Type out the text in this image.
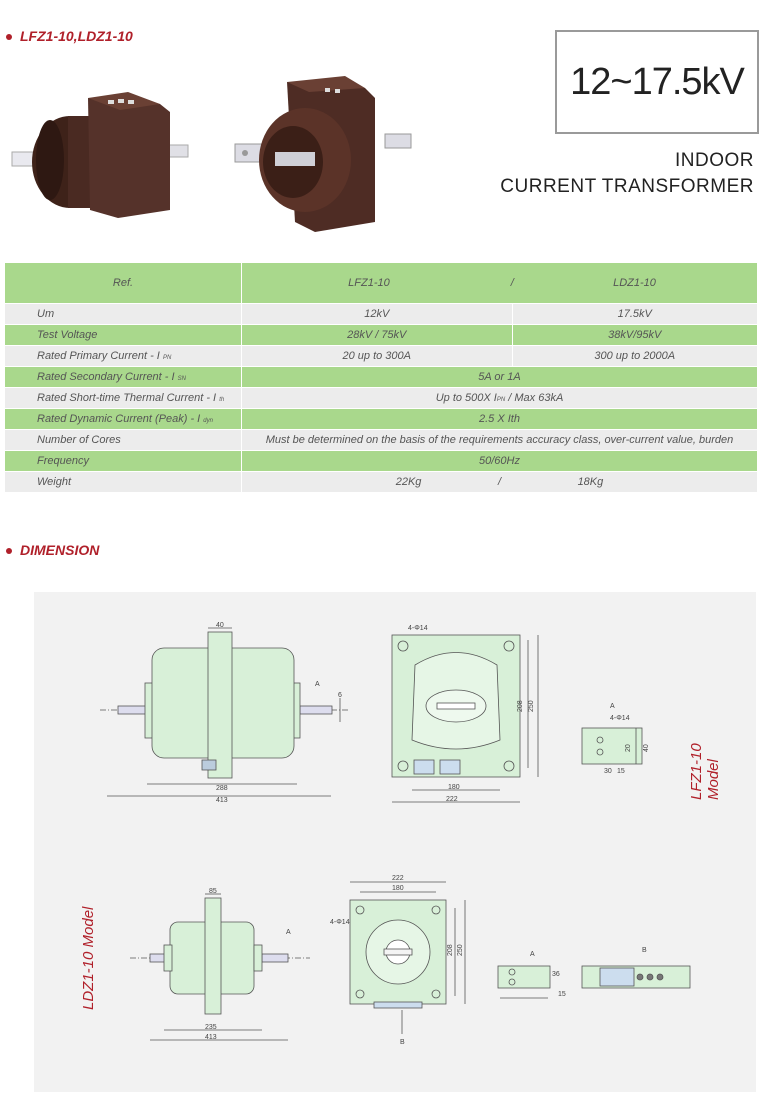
LFZ1-10,LDZ1-10
12~17.5kV
INDOOR
CURRENT TRANSFORMER
Ref.	LFZ1-10 /	LDZ1-10
Um	12kV	17.5kV
Test Voltage	28kV / 75kV	38kV/95kV
Rated Primary Current - I PN	20 up to 300A	300 up to 2000A
Rated Secondary Current - I SN	5A or 1A	
Rated Short-time Thermal Current - I th	Up to 500X IPN / Max 63kA	
Rated Dynamic Current (Peak) - I dyn	2.5 X Ith	
Number of Cores	Must be determined on the basis of the requirements accuracy class, over-current value, burden	
Frequency	50/60Hz	
Weight	22Kg / 18Kg	
DIMENSION
40
6
A
288
413
4-Φ14
208 250
180
222
A
4-Φ14
30 15
20 40
85
A
235
413
222
180
4-Φ14
208 250
B
A
36
15
B
LFZ1-10 Model
LDZ1-10 Model
